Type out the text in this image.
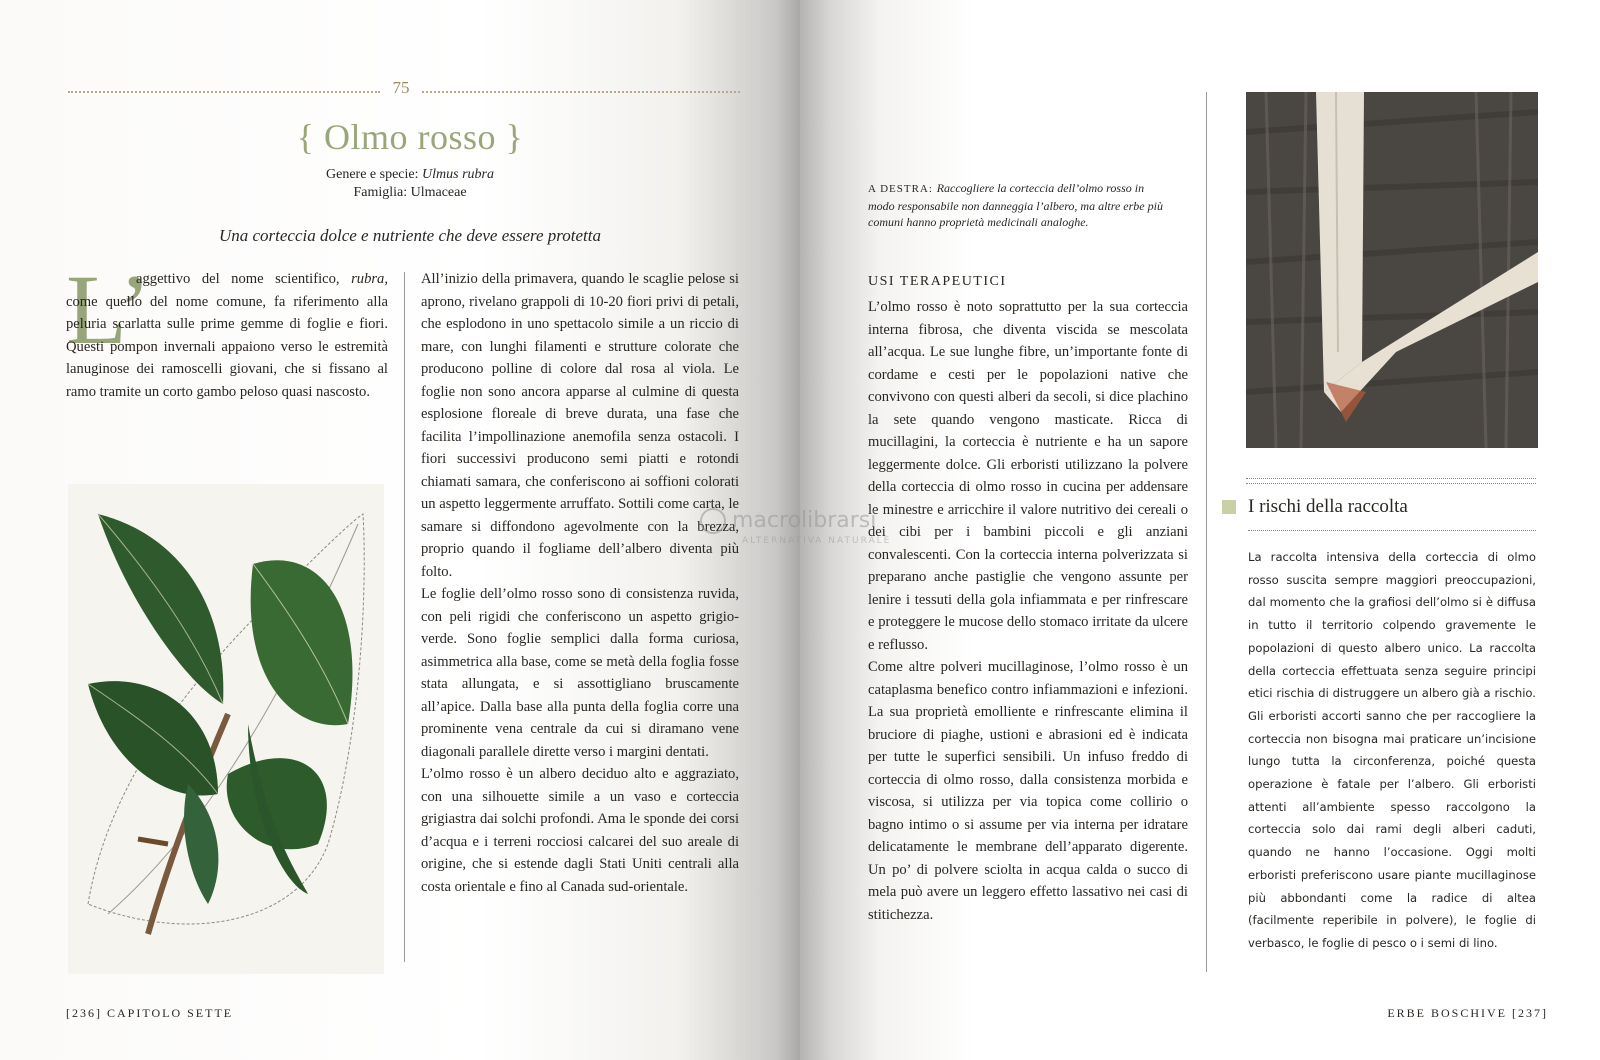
75
{ Olmo rosso }
Genere e specie: Ulmus rubra
Famiglia: Ulmaceae
Una corteccia dolce e nutriente che deve essere protetta
L’
aggettivo del nome scientifico, rubra, come quello del nome comune, fa riferimento alla peluria scarlatta sulle prime gemme di foglie e fiori. Questi pompon invernali appaiono verso le estremità lanuginose dei ramoscelli giovani, che si fissano al ramo tramite un corto gambo peloso quasi nascosto.
All’inizio della primavera, quando le scaglie pelose si aprono, rivelano grappoli di 10-20 fiori privi di petali, che esplodono in uno spettacolo simile a un riccio di mare, con lunghi filamenti e strutture colorate che producono polline di colore dal rosa al viola. Le foglie non sono ancora apparse al culmine di questa esplosione floreale di breve durata, una fase che facilita l’impollinazione anemofila senza ostacoli. I fiori successivi producono semi piatti e rotondi chiamati samara, che conferiscono ai soffioni colorati un aspetto leggermente arruffato. Sottili come carta, le samare si diffondono agevolmente con la brezza, proprio quando il fogliame dell’albero diventa più folto.
Le foglie dell’olmo rosso sono di consistenza ruvida, con peli rigidi che conferiscono un aspetto grigio-verde. Sono foglie semplici dalla forma curiosa, asimmetrica alla base, come se metà della foglia fosse stata allungata, e si assottigliano bruscamente all’apice. Dalla base alla punta della foglia corre una prominente vena centrale da cui si diramano vene diagonali parallele dirette verso i margini dentati.
L’olmo rosso è un albero deciduo alto e aggraziato, con una silhouette simile a un vaso e corteccia grigiastra dai solchi profondi. Ama le sponde dei corsi d’acqua e i terreni rocciosi calcarei del suo areale di origine, che si estende dagli Stati Uniti centrali alla costa orientale e fino al Canada sud-orientale.
[236] CAPITOLO SETTE
A DESTRA: Raccogliere la corteccia dell’olmo rosso in modo responsabile non danneggia l’albero, ma altre erbe più comuni hanno proprietà medicinali analoghe.
USI TERAPEUTICI
L’olmo rosso è noto soprattutto per la sua corteccia interna fibrosa, che diventa viscida se mescolata all’acqua. Le sue lunghe fibre, un’importante fonte di cordame e cesti per le popolazioni native che convivono con questi alberi da secoli, si dice plachino la sete quando vengono masticate. Ricca di mucillagini, la corteccia è nutriente e ha un sapore leggermente dolce. Gli erboristi utilizzano la polvere della corteccia di olmo rosso in cucina per addensare le minestre e arricchire il valore nutritivo dei cereali o dei cibi per i bambini piccoli e gli anziani convalescenti. Con la corteccia interna polverizzata si preparano anche pastiglie che vengono assunte per lenire i tessuti della gola infiammata e per rinfrescare e proteggere le mucose dello stomaco irritate da ulcere e reflusso.
Come altre polveri mucillaginose, l’olmo rosso è un cataplasma benefico contro infiammazioni e infezioni. La sua proprietà emolliente e rinfrescante elimina il bruciore di piaghe, ustioni e abrasioni ed è indicata per tutte le superfici sensibili. Un infuso freddo di corteccia di olmo rosso, dalla consistenza morbida e viscosa, si utilizza per via topica come collirio o bagno intimo o si assume per via interna per idratare delicatamente le membrane dell’apparato digerente. Un po’ di polvere sciolta in acqua calda o succo di mela può avere un leggero effetto lassativo nei casi di stitichezza.
I rischi della raccolta
La raccolta intensiva della corteccia di olmo rosso suscita sempre maggiori preoccupazioni, dal momento che la grafiosi dell’olmo si è diffusa in tutto il territorio colpendo gravemente le popolazioni di questo albero unico. La raccolta della corteccia effettuata senza seguire principi etici rischia di distruggere un albero già a rischio. Gli erboristi accorti sanno che per raccogliere la corteccia non bisogna mai praticare un’incisione lungo tutta la circonferenza, poiché questa operazione è fatale per l’albero. Gli erboristi attenti all’ambiente spesso raccolgono la corteccia solo dai rami degli alberi caduti, quando ne hanno l’occasione. Oggi molti erboristi preferiscono usare piante mucillaginose più abbondanti come la radice di altea (facilmente reperibile in polvere), le foglie di verbasco, le foglie di pesco o i semi di lino.
ERBE BOSCHIVE [237]
macrolibrarsi
ALTERNATIVA NATURALE
